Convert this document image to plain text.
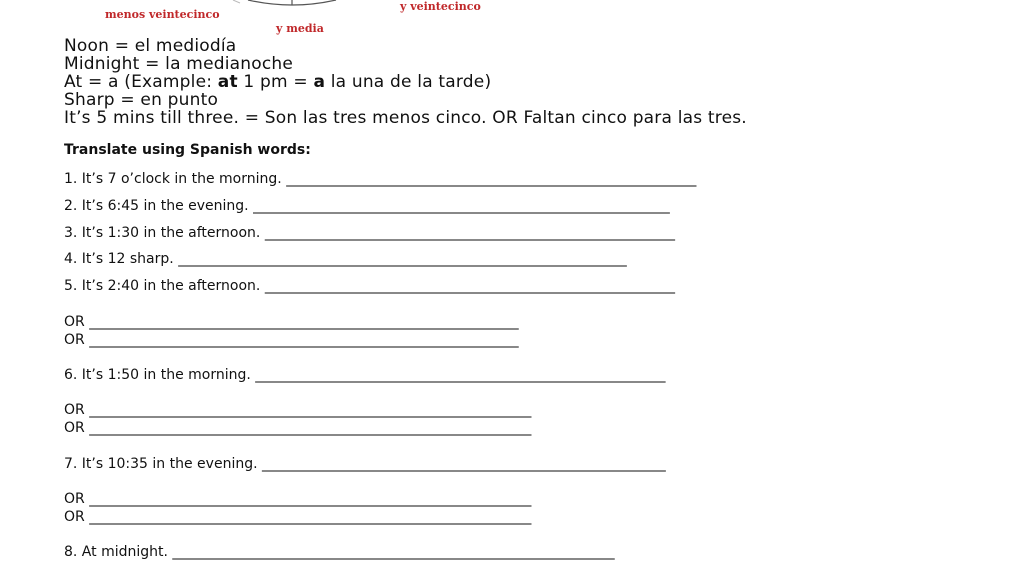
menos veintecinco
y veintecinco
y media
Noon = el mediodía
Midnight = la medianoche
At = a (Example: at 1 pm = a la una de la tarde)
Sharp = en punto
It’s 5 mins till three. = Son las tres menos cinco. OR Faltan cinco para las tres.
Translate using Spanish words:
1. It’s 7 o’clock in the morning. ________________________________________________________________
2. It’s 6:45 in the evening. _________________________________________________________________
3. It’s 1:30 in the afternoon. ________________________________________________________________
4. It’s 12 sharp. ______________________________________________________________________
5. It’s 2:40 in the afternoon. ________________________________________________________________
OR ___________________________________________________________________
OR ___________________________________________________________________
6. It’s 1:50 in the morning. ________________________________________________________________
OR _____________________________________________________________________
OR _____________________________________________________________________
7. It’s 10:35 in the evening. _______________________________________________________________
OR _____________________________________________________________________
OR _____________________________________________________________________
8. At midnight. _____________________________________________________________________
